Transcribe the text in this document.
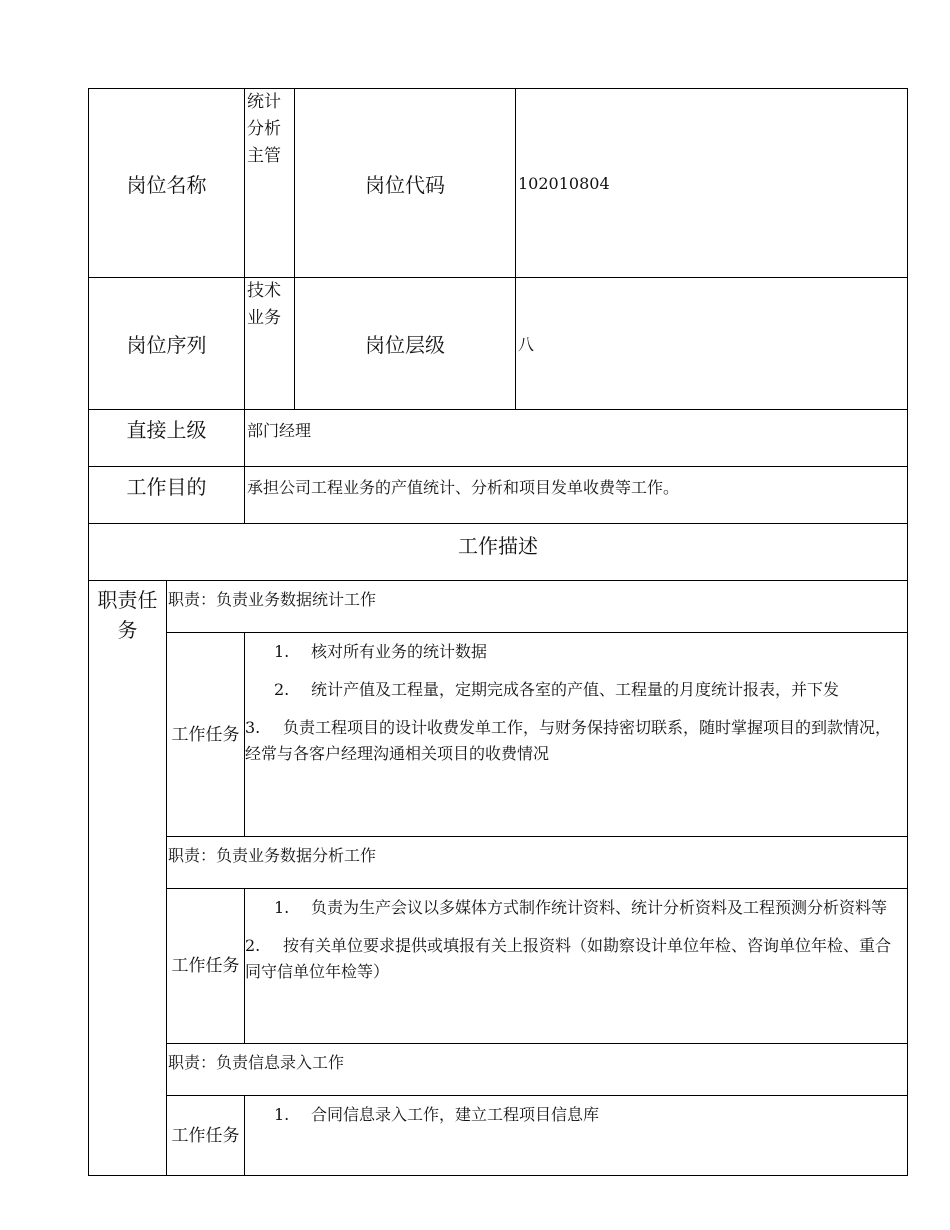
岗位名称		统计分析主管	岗位代码	102010804
岗位序列		技术业务	岗位层级	八
直接上级		部门经理		
工作目的		承担公司工程业务的产值统计、分析和项目发单收费等工作。		
工作描述				
职责任务	职责：负责业务数据统计工作			
	工作任务	1. 核对所有业务的统计数据
2. 统计产值及工程量，定期完成各室的产值、工程量的月度统计报表，并下发
3. 负责工程项目的设计收费发单工作，与财务保持密切联系，随时掌握项目的到款情况，经常与各客户经理沟通相关项目的收费情况		

	职责：负责业务数据分析工作			
	工作任务	1. 负责为生产会议以多媒体方式制作统计资料、统计分析资料及工程预测分析资料等
2. 按有关单位要求提供或填报有关上报资料（如勘察设计单位年检、咨询单位年检、重合同守信单位年检等）		

	职责：负责信息录入工作			
	工作任务	1. 合同信息录入工作，建立工程项目信息库		
